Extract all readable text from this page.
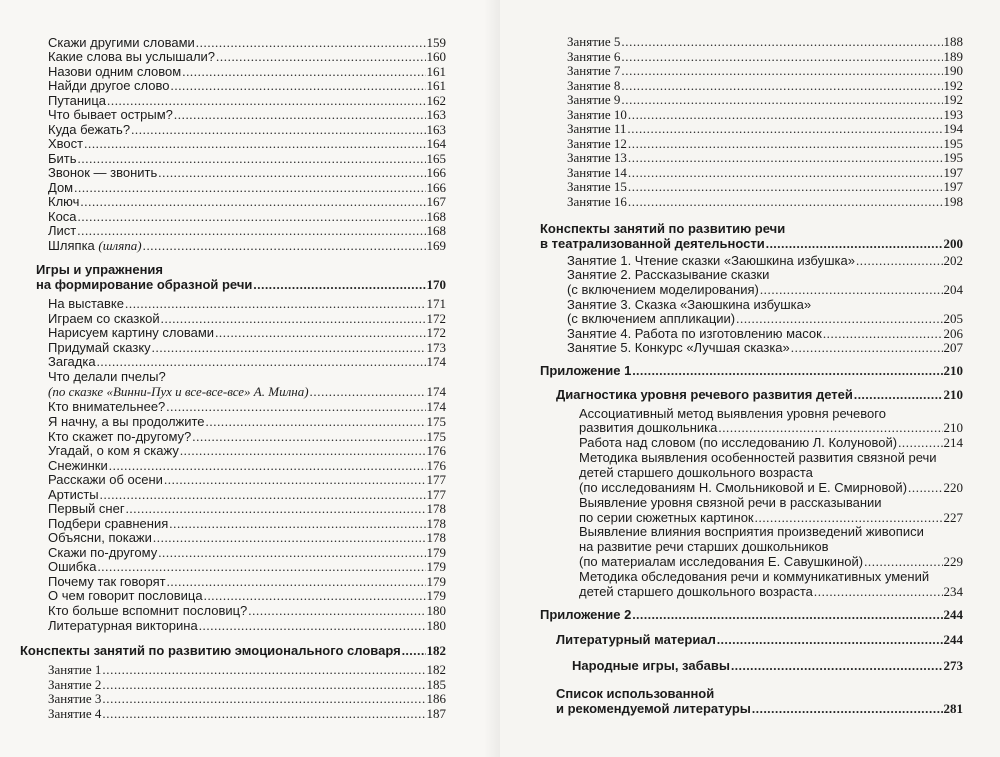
Скажи другими словами .....	159
Какие слова вы услышали? .....	160
Назови одним словом .....	161
Найди другое слово .....	161
Путаница .....	162
Что бывает острым? .....	163
Куда бежать? .....	163
Хвост .....	164
Бить .....	165
Звонок — звонить .....	166
Дом .....	166
Ключ .....	167
Коса .....	168
Лист .....	168
Шляпка (шляпа) .....	169
Игры и упражнения
на формирование образной речи .....	170
На выставке .....	171
Играем со сказкой .....	172
Нарисуем картину словами .....	172
Придумай сказку .....	173
Загадка .....	174
Что делали пчелы?
(по сказке «Винни-Пух и все-все-все» А. Милна) .....	174
Кто внимательнее? .....	174
Я начну, а вы продолжите .....	175
Кто скажет по-другому? .....	175
Угадай, о ком я скажу .....	176
Снежинки .....	176
Расскажи об осени .....	177
Артисты .....	177
Первый снег .....	178
Подбери сравнения .....	178
Объясни, покажи .....	178
Скажи по-другому .....	179
Ошибка .....	179
Почему так говорят .....	179
О чем говорит пословица .....	179
Кто больше вспомнит пословиц? .....	180
Литературная викторина .....	180
Конспекты занятий по развитию эмоционального словаря ..... 182
Занятие 1 .....	182
Занятие 2 .....	185
Занятие 3 .....	186
Занятие 4 .....	187
Занятие 5 .....	188
Занятие 6 .....	189
Занятие 7 .....	190
Занятие 8 .....	192
Занятие 9 .....	192
Занятие 10 .....	193
Занятие 11 .....	194
Занятие 12 .....	195
Занятие 13 .....	195
Занятие 14 .....	197
Занятие 15 .....	197
Занятие 16 .....	198
Конспекты занятий по развитию речи
в театрализованной деятельности .....	200
Занятие 1. Чтение сказки «Заюшкина избушка» .....	202
Занятие 2. Рассказывание сказки
(с включением моделирования) .....	204
Занятие 3. Сказка «Заюшкина избушка»
(с включением аппликации) .....	205
Занятие 4. Работа по изготовлению масок .....	206
Занятие 5. Конкурс «Лучшая сказка» .....	207
Приложение 1 .....	210
Диагностика уровня речевого развития детей .....	210
Ассоциативный метод выявления уровня речевого
развития дошкольника .....	210
Работа над словом (по исследованию Л. Колуновой) .....	214
Методика выявления особенностей развития связной речи
детей старшего дошкольного возраста
(по исследованиям Н. Смольниковой и Е. Смирновой) .....	220
Выявление уровня связной речи в рассказывании
по серии сюжетных картинок .....	227
Выявление влияния восприятия произведений живописи
на развитие речи старших дошкольников
(по материалам исследования Е. Савушкиной) .....	229
Методика обследования речи и коммуникативных умений
детей старшего дошкольного возраста .....	234
Приложение 2 .....	244
Литературный материал .....	244
Народные игры, забавы .....	273
Список использованной
и рекомендуемой литературы .....	281
